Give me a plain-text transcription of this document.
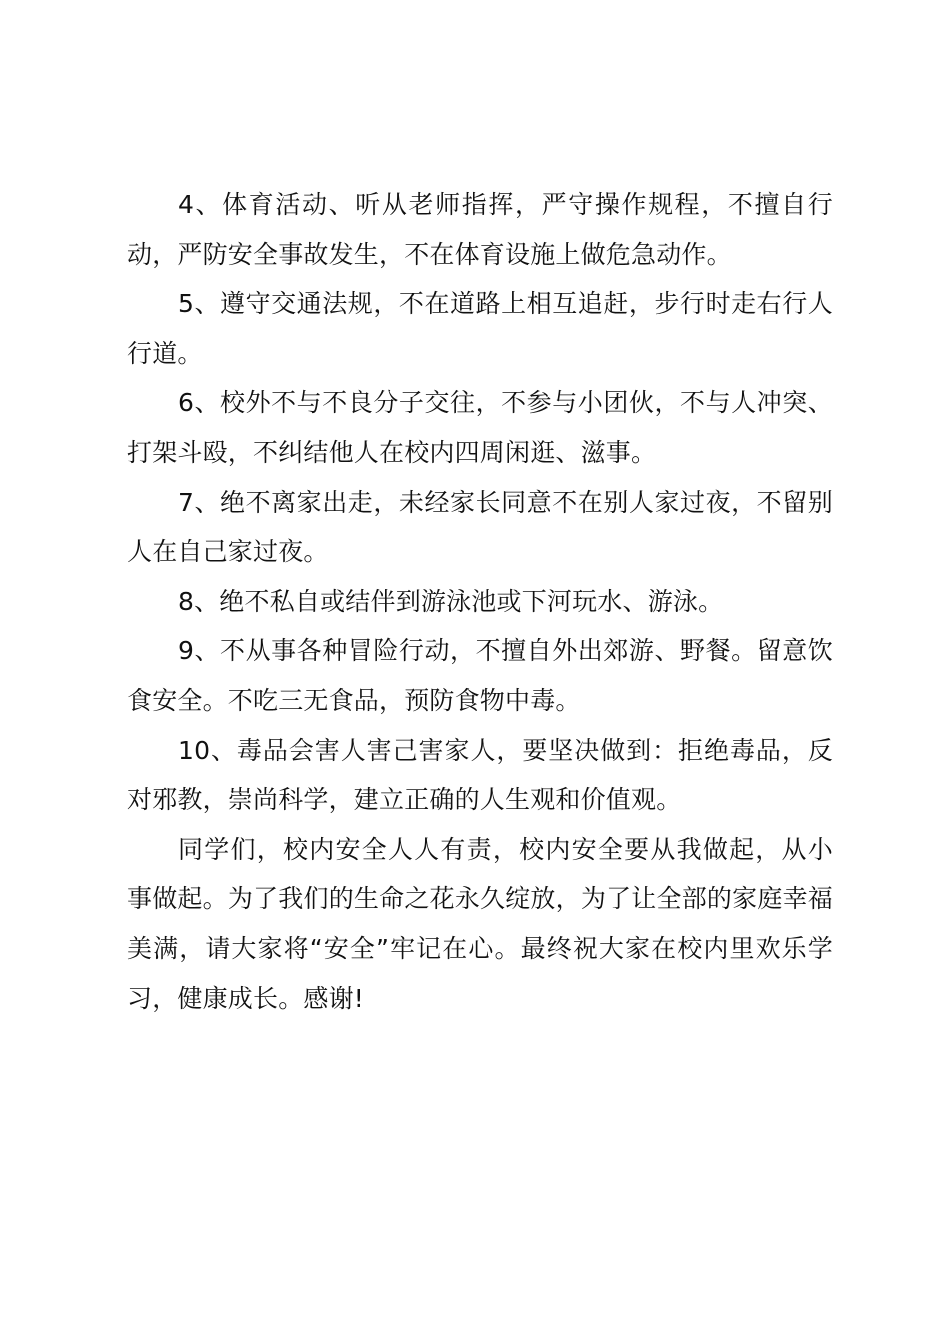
4、体育活动、听从老师指挥，严守操作规程，不擅自行动，严防安全事故发生，不在体育设施上做危急动作。

5、遵守交通法规，不在道路上相互追赶，步行时走右行人行道。

6、校外不与不良分子交往，不参与小团伙，不与人冲突、打架斗殴，不纠结他人在校内四周闲逛、滋事。

7、绝不离家出走，未经家长同意不在别人家过夜，不留别人在自己家过夜。

8、绝不私自或结伴到游泳池或下河玩水、游泳。

9、不从事各种冒险行动，不擅自外出郊游、野餐。留意饮食安全。不吃三无食品，预防食物中毒。

10、毒品会害人害己害家人，要坚决做到：拒绝毒品，反对邪教，崇尚科学，建立正确的人生观和价值观。

同学们，校内安全人人有责，校内安全要从我做起，从小事做起。为了我们的生命之花永久绽放，为了让全部的家庭幸福美满，请大家将“安全”牢记在心。最终祝大家在校内里欢乐学习，健康成长。感谢!
